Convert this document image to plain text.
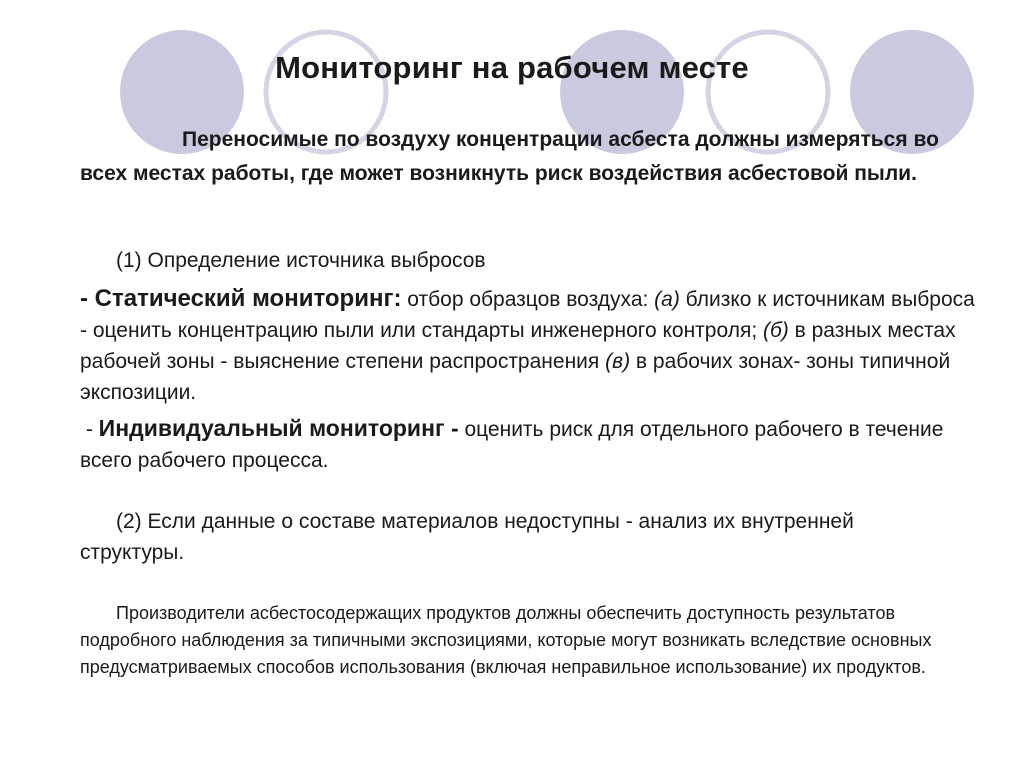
Мониторинг на рабочем месте

Переносимые по воздуху концентрации асбеста должны измеряться во всех местах работы, где может возникнуть риск воздействия асбестовой пыли.

(1) Определение источника выбросов

- Статический мониторинг: отбор образцов воздуха: (а) близко к источникам выброса - оценить концентрацию пыли или стандарты инженерного контроля; (б) в разных местах рабочей зоны - выяснение степени распространения (в) в рабочих зонах- зоны типичной экспозиции.

- Индивидуальный мониторинг - оценить риск для отдельного рабочего в течение всего рабочего процесса.

(2) Если данные о составе материалов недоступны - анализ их внутренней структуры.

Производители асбестосодержащих продуктов должны обеспечить доступность результатов подробного наблюдения за типичными экспозициями, которые могут возникать вследствие основных предусматриваемых способов использования (включая неправильное использование) их продуктов.
